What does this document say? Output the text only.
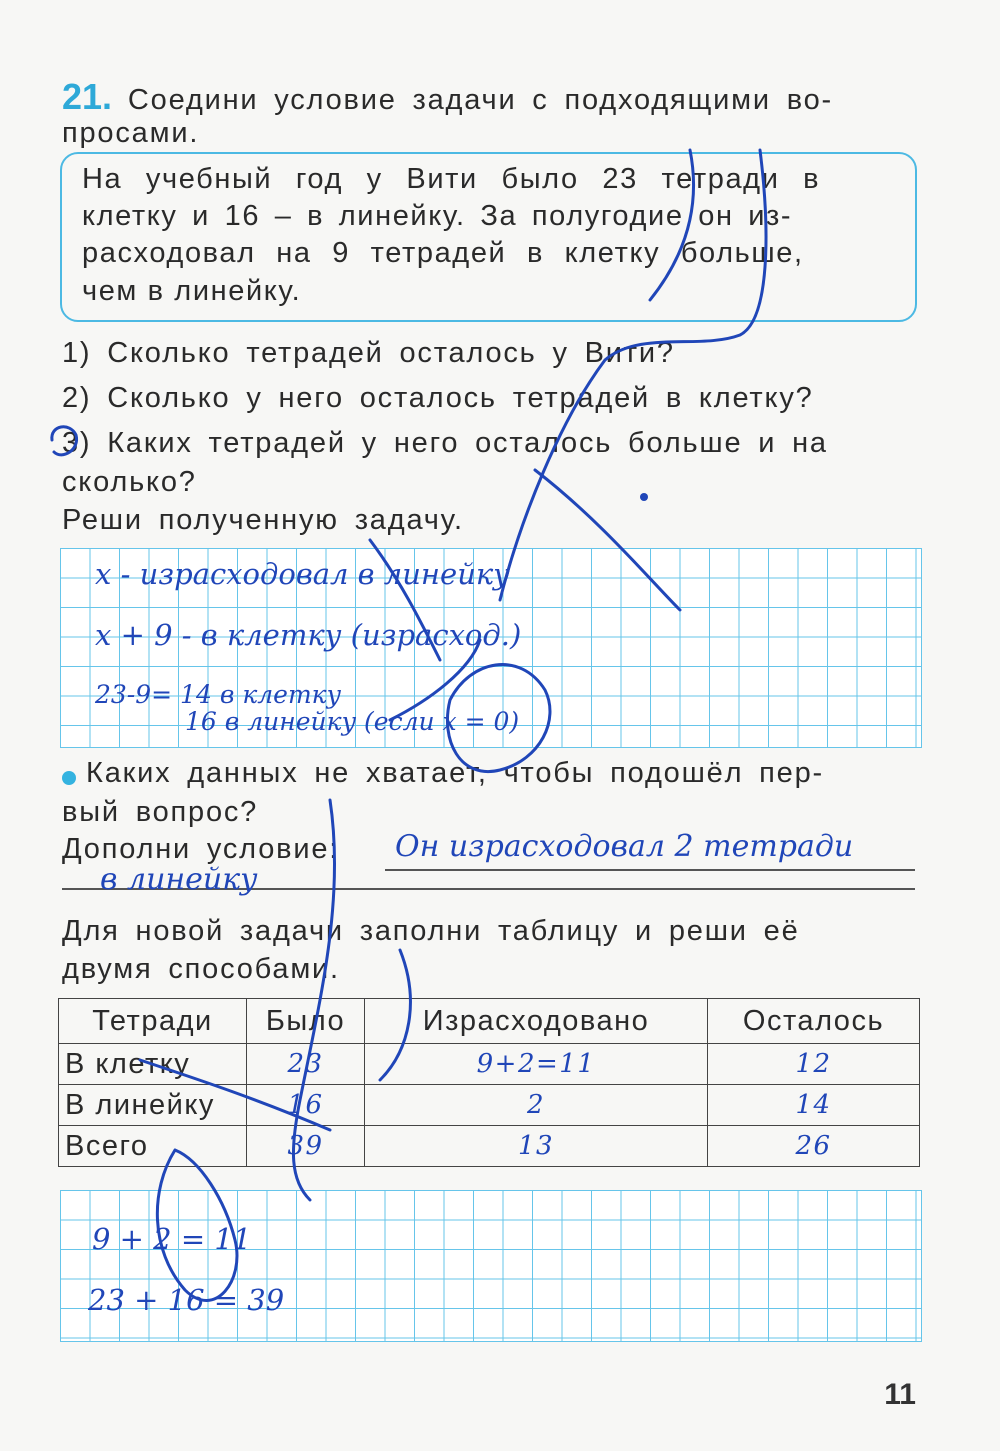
21. Соедини условие задачи с подходящими во-
просами.
На учебный год у Вити было 23 тетради в
клетку и 16 – в линейку. За полугодие он из-
расходовал на 9 тетрадей в клетку больше,
чем в линейку.
1) Сколько тетрадей осталось у Вити?
2) Сколько у него осталось тетрадей в клетку?
3) Каких тетрадей у него осталось больше и на
сколько?
Реши полученную задачу.
x - израсходовал в линейку
x + 9 - в клетку (израсход.)
23-9= 14 в клетку
16 в линейку (если x = 0)
Каких данных не хватает, чтобы подошёл пер-
вый вопрос?
Дополни условие: Он израсходовал 2 тетради
в линейку
Для новой задачи заполни таблицу и реши её
двумя способами.
Тетради	Было	Израсходовано	Осталось
В клетку	23	9+2=11	12
В линейку	16	2	14
Всего	39	13	26
9 + 2 = 11
23 + 16 = 39
11
